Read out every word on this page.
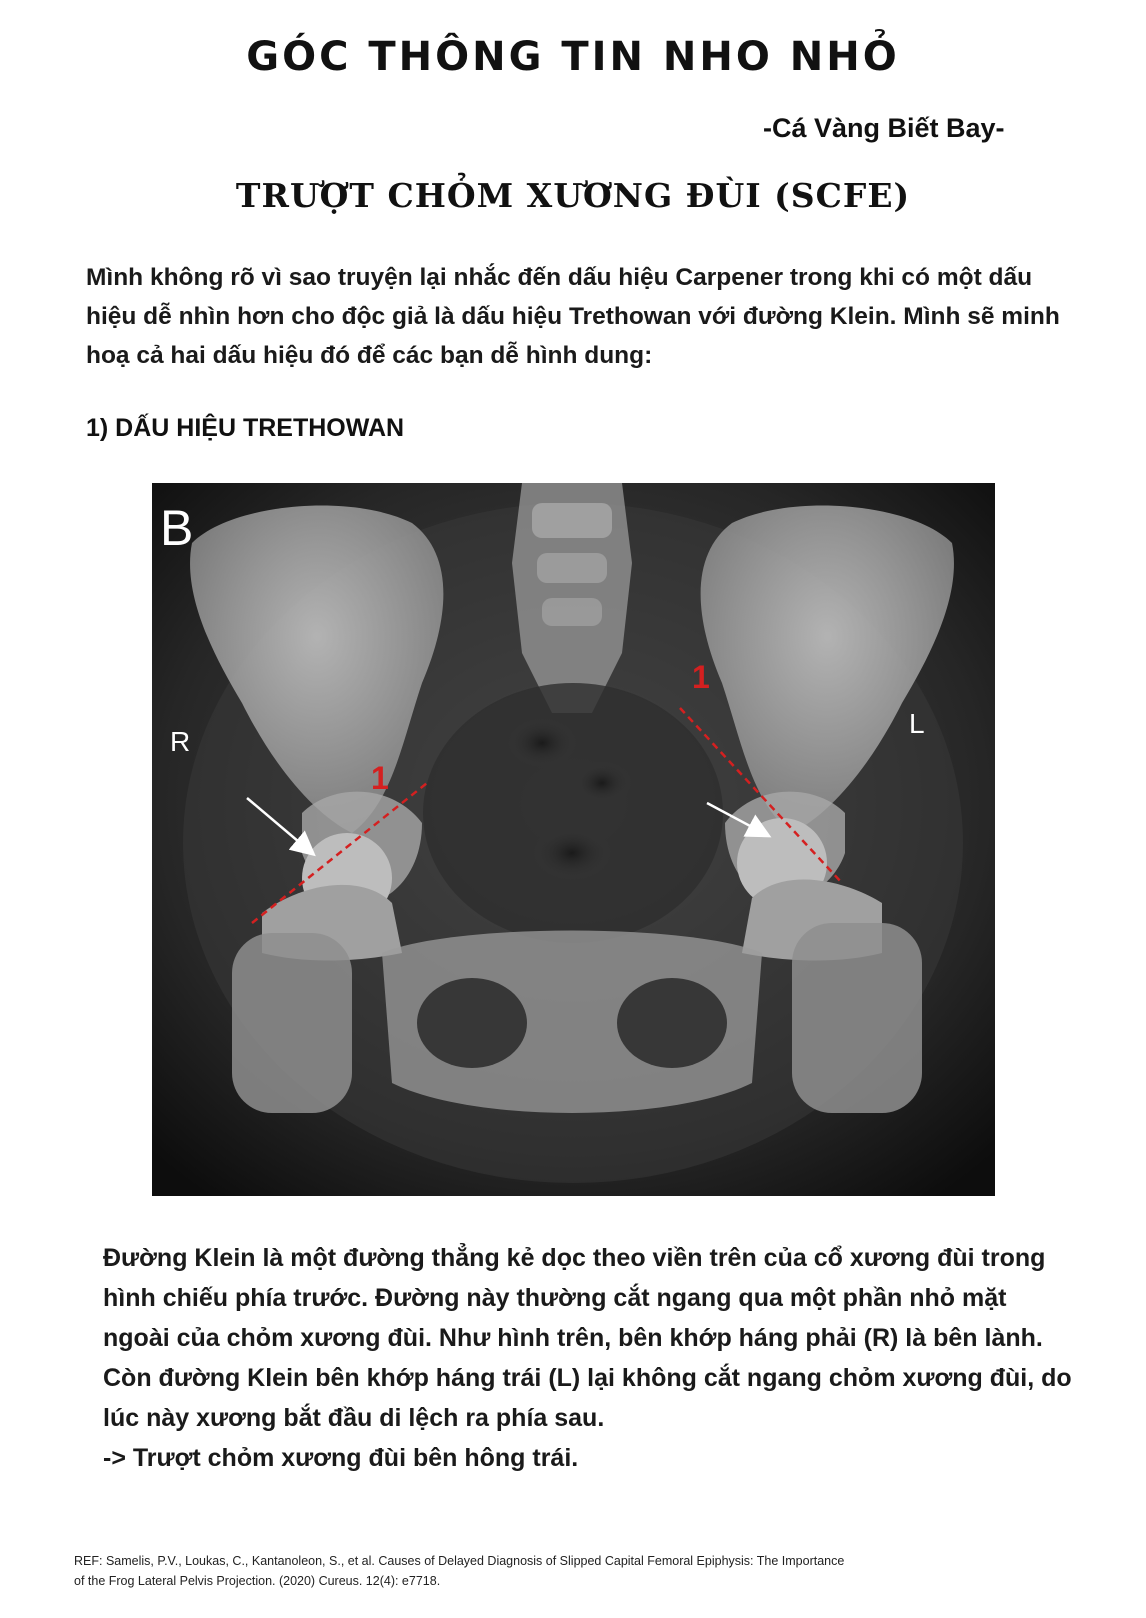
GÓC THÔNG TIN NHO NHỎ
-Cá Vàng Biết Bay-
TRƯỢT CHỎM XƯƠNG ĐÙI (SCFE)
Mình không rõ vì sao truyện lại nhắc đến dấu hiệu Carpener trong khi có một dấu hiệu dễ nhìn hơn cho độc giả là dấu hiệu Trethowan với đường Klein. Mình sẽ minh hoạ cả hai dấu hiệu đó để các bạn dễ hình dung:
1) DẤU HIỆU TRETHOWAN
B
R
L
1
1

Đường Klein là một đường thẳng kẻ dọc theo viền trên của cổ xương đùi trong hình chiếu phía trước. Đường này thường cắt ngang qua một phần nhỏ mặt ngoài của chỏm xương đùi. Như hình trên, bên khớp háng phải (R) là bên lành. Còn đường Klein bên khớp háng trái (L) lại không cắt ngang chỏm xương đùi, do lúc này xương bắt đầu di lệch ra phía sau.

-> Trượt chỏm xương đùi bên hông trái.

REF: Samelis, P.V., Loukas, C., Kantanoleon, S., et al. Causes of Delayed Diagnosis of Slipped Capital Femoral Epiphysis: The Importance

of the Frog Lateral Pelvis Projection. (2020) Cureus. 12(4): e7718.
